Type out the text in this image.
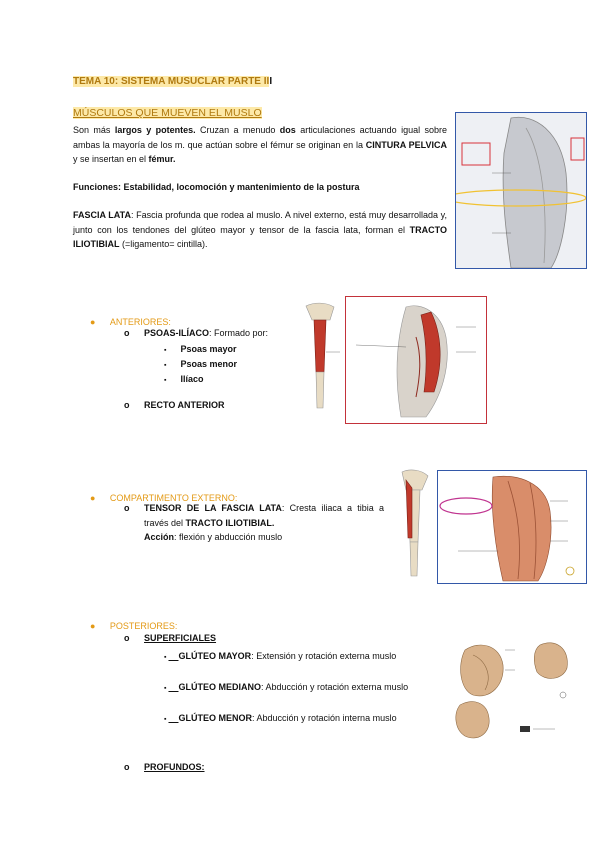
TEMA 10: SISTEMA MUSUCLAR PARTE III
MÚSCULOS QUE MUEVEN EL MUSLO
Son más largos y potentes. Cruzan a menudo dos articulaciones actuando igual sobre ambas la mayoría de los m. que actúan sobre el fémur se originan en la CINTURA PELVICA y se insertan en el fémur.
Funciones: Estabilidad, locomoción y mantenimiento de la postura
FASCIA LATA: Fascia profunda que rodea al muslo. A nivel externo, está muy desarrollada y, junto con los tendones del glúteo mayor y tensor de la fascia lata, forman el TRACTO ILIOTIBIAL (=ligamento= cintilla).
● ANTERIORES:
o PSOAS-ILÍACO: Formado por:
▪ Psoas mayor
▪ Psoas menor
▪ Ilíaco
o RECTO ANTERIOR
● COMPARTIMENTO EXTERNO:
o TENSOR DE LA FASCIA LATA: Cresta iliaca a tibia a través del TRACTO ILIOTIBIAL.
Acción: flexión y abducción muslo
● POSTERIORES:
o SUPERFICIALES
▪ GLÚTEO MAYOR: Extensión y rotación externa muslo
▪ GLÚTEO MEDIANO: Abducción y rotación externa muslo
▪ GLÚTEO MENOR: Abducción y rotación interna muslo
o PROFUNDOS:
